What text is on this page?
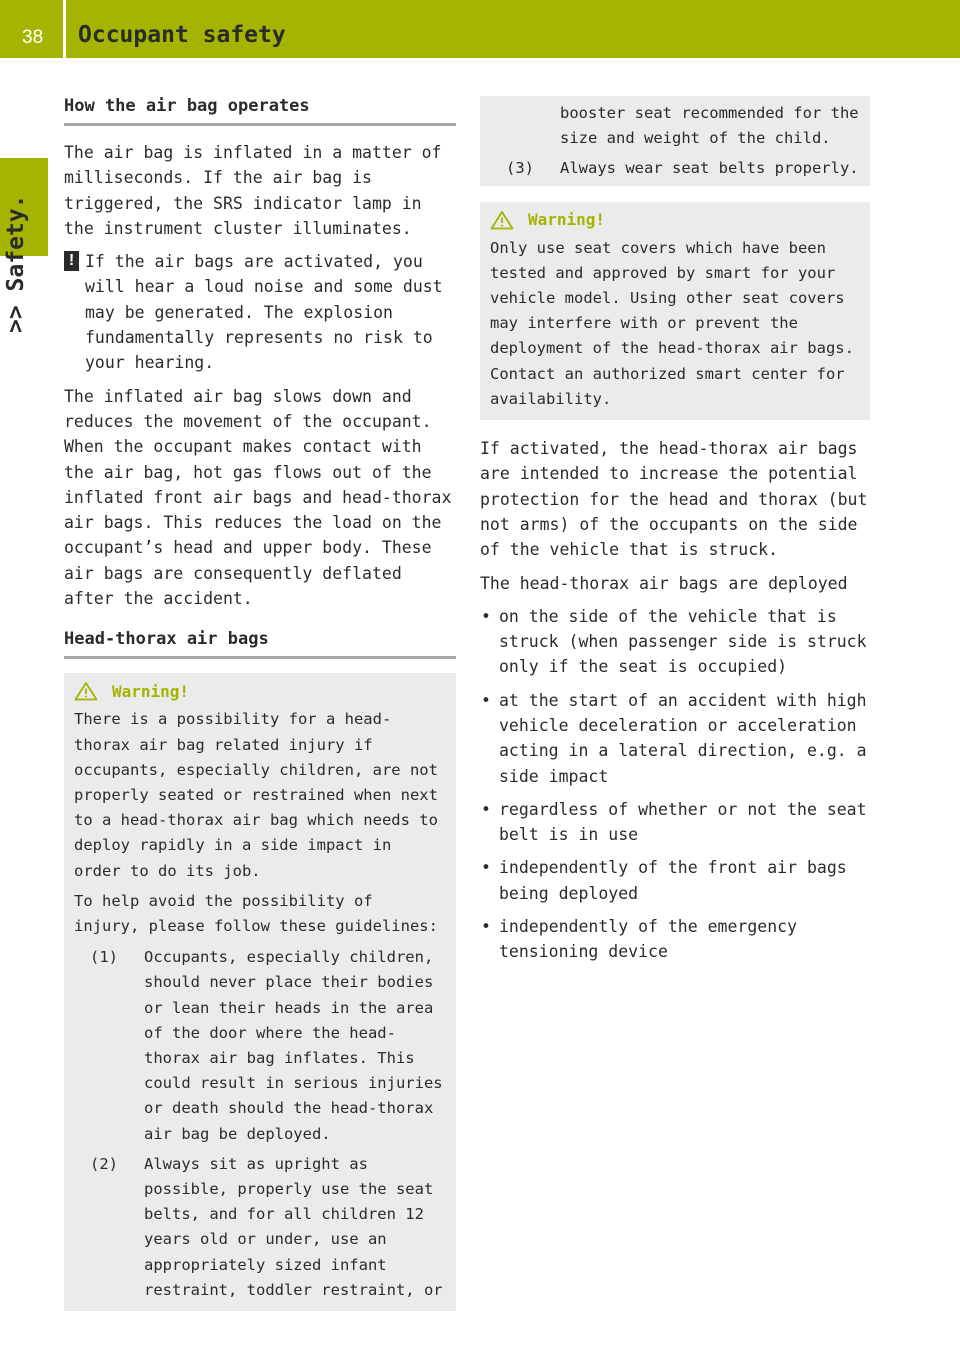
38 Occupant safety
>> Safety.
How the air bag operates

The air bag is inflated in a matter of milliseconds. If the air bag is triggered, the SRS indicator lamp in the instrument cluster illuminates.

! If the air bags are activated, you will hear a loud noise and some dust may be generated. The explosion fundamentally represents no risk to your hearing.

The inflated air bag slows down and reduces the movement of the occupant. When the occupant makes contact with the air bag, hot gas flows out of the inflated front air bags and head-thorax air bags. This reduces the load on the occupant’s head and upper body. These air bags are consequently deflated after the accident.

Head-thorax air bags
Warning!

There is a possibility for a head-thorax air bag related injury if occupants, especially children, are not properly seated or restrained when next to a head-thorax air bag which needs to deploy rapidly in a side impact in order to do its job.

To help avoid the possibility of injury, please follow these guidelines:

(1)	Occupants, especially children, should never place their bodies or lean their heads in the area of the door where the head-thorax air bag inflates. This could result in serious injuries or death should the head-thorax air bag be deployed.
(2)	Always sit as upright as possible, properly use the seat belts, and for all children 12 years old or under, use an appropriately sized infant restraint, toddler restraint, or
booster seat recommended for the size and weight of the child.
(3)	Always wear seat belts properly.
Warning!

Only use seat covers which have been tested and approved by smart for your vehicle model. Using other seat covers may interfere with or prevent the deployment of the head-thorax air bags. Contact an authorized smart center for availability.

If activated, the head-thorax air bags are intended to increase the potential protection for the head and thorax (but not arms) of the occupants on the side of the vehicle that is struck.

The head-thorax air bags are deployed

• on the side of the vehicle that is struck (when passenger side is struck only if the seat is occupied)
• at the start of an accident with high vehicle deceleration or acceleration acting in a lateral direction, e.g. a side impact
• regardless of whether or not the seat belt is in use
• independently of the front air bags being deployed
• independently of the emergency tensioning device
